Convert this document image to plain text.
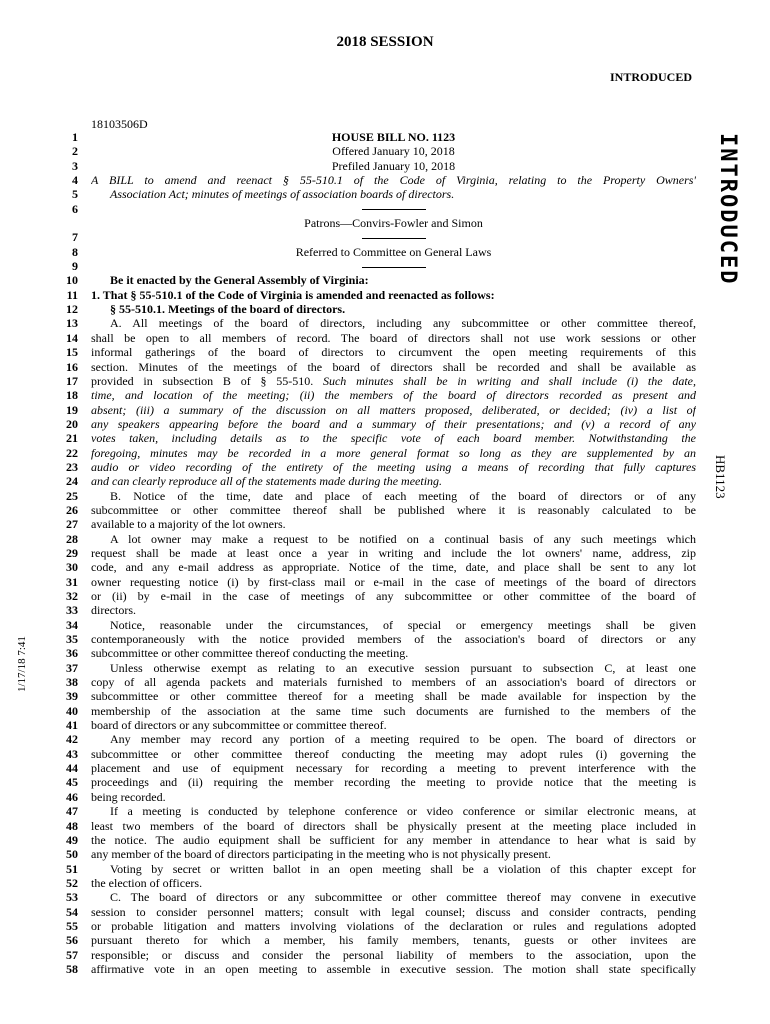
2018 SESSION
INTRODUCED
18103506D
INTRODUCED
HB1123
1/17/18 7:41
1	HOUSE BILL NO. 1123
2	Offered January 10, 2018
3	Prefiled January 10, 2018
4 A BILL to amend and reenact § 55-510.1 of the Code of Virginia, relating to the Property Owners'
5	Association Act; minutes of meetings of association boards of directors.
6
Patrons—Convirs-Fowler and Simon
7
8	Referred to Committee on General Laws
9
10	Be it enacted by the General Assembly of Virginia:
11 1. That § 55-510.1 of the Code of Virginia is amended and reenacted as follows:
12	§ 55-510.1. Meetings of the board of directors.
13	A. All meetings of the board of directors, including any subcommittee or other committee thereof,
14 shall be open to all members of record. The board of directors shall not use work sessions or other
15 informal gatherings of the board of directors to circumvent the open meeting requirements of this
16 section. Minutes of the meetings of the board of directors shall be recorded and shall be available as
17 provided in subsection B of § 55-510. Such minutes shall be in writing and shall include (i) the date,
18 time, and location of the meeting; (ii) the members of the board of directors recorded as present and
19 absent; (iii) a summary of the discussion on all matters proposed, deliberated, or decided; (iv) a list of
20 any speakers appearing before the board and a summary of their presentations; and (v) a record of any
21 votes taken, including details as to the specific vote of each board member. Notwithstanding the
22 foregoing, minutes may be recorded in a more general format so long as they are supplemented by an
23 audio or video recording of the entirety of the meeting using a means of recording that fully captures
24 and can clearly reproduce all of the statements made during the meeting.
25	B. Notice of the time, date and place of each meeting of the board of directors or of any
26 subcommittee or other committee thereof shall be published where it is reasonably calculated to be
27 available to a majority of the lot owners.
28	A lot owner may make a request to be notified on a continual basis of any such meetings which
29 request shall be made at least once a year in writing and include the lot owners' name, address, zip
30 code, and any e-mail address as appropriate. Notice of the time, date, and place shall be sent to any lot
31 owner requesting notice (i) by first-class mail or e-mail in the case of meetings of the board of directors
32 or (ii) by e-mail in the case of meetings of any subcommittee or other committee of the board of
33 directors.
34	Notice, reasonable under the circumstances, of special or emergency meetings shall be given
35 contemporaneously with the notice provided members of the association's board of directors or any
36 subcommittee or other committee thereof conducting the meeting.
37	Unless otherwise exempt as relating to an executive session pursuant to subsection C, at least one
38 copy of all agenda packets and materials furnished to members of an association's board of directors or
39 subcommittee or other committee thereof for a meeting shall be made available for inspection by the
40 membership of the association at the same time such documents are furnished to the members of the
41 board of directors or any subcommittee or committee thereof.
42	Any member may record any portion of a meeting required to be open. The board of directors or
43 subcommittee or other committee thereof conducting the meeting may adopt rules (i) governing the
44 placement and use of equipment necessary for recording a meeting to prevent interference with the
45 proceedings and (ii) requiring the member recording the meeting to provide notice that the meeting is
46 being recorded.
47	If a meeting is conducted by telephone conference or video conference or similar electronic means, at
48 least two members of the board of directors shall be physically present at the meeting place included in
49 the notice. The audio equipment shall be sufficient for any member in attendance to hear what is said by
50 any member of the board of directors participating in the meeting who is not physically present.
51	Voting by secret or written ballot in an open meeting shall be a violation of this chapter except for
52 the election of officers.
53	C. The board of directors or any subcommittee or other committee thereof may convene in executive
54 session to consider personnel matters; consult with legal counsel; discuss and consider contracts, pending
55 or probable litigation and matters involving violations of the declaration or rules and regulations adopted
56 pursuant thereto for which a member, his family members, tenants, guests or other invitees are
57 responsible; or discuss and consider the personal liability of members to the association, upon the
58 affirmative vote in an open meeting to assemble in executive session. The motion shall state specifically
